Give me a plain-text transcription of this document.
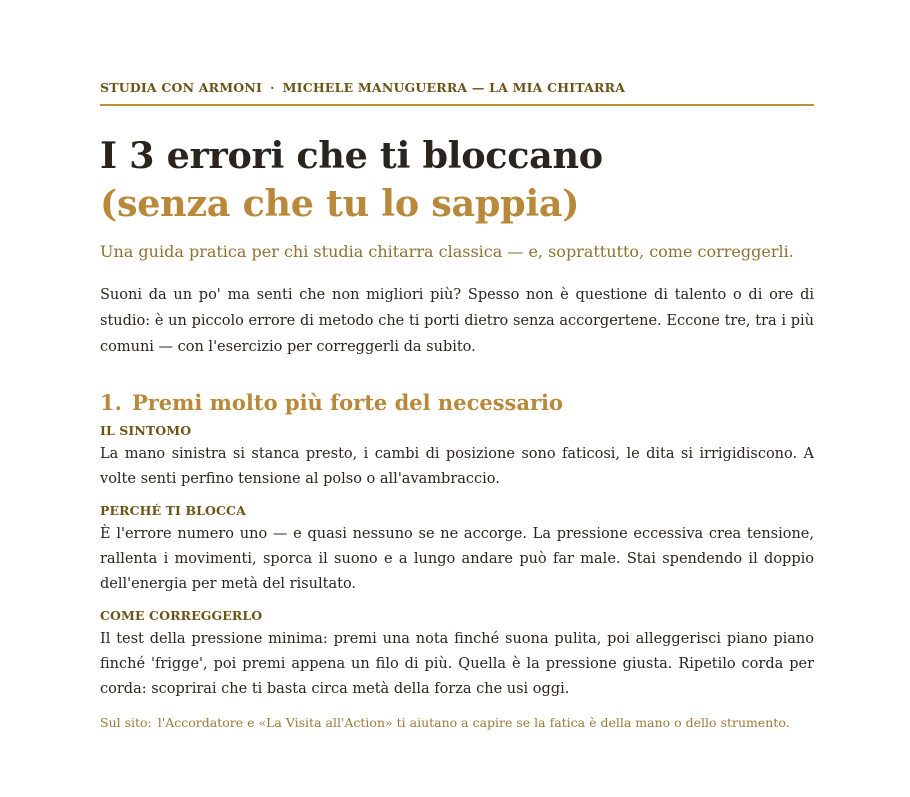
STUDIA CON ARMONI · MICHELE MANUGUERRA — LA MIA CHITARRA
I 3 errori che ti bloccano
(senza che tu lo sappia)

Una guida pratica per chi studia chitarra classica — e, soprattutto, come correggerli.

Suoni da un po' ma senti che non migliori più? Spesso non è questione di talento o di ore di studio: è un piccolo errore di metodo che ti porti dietro senza accorgertene. Eccone tre, tra i più comuni — con l'esercizio per correggerli da subito.

1. Premi molto più forte del necessario
IL SINTOMO

La mano sinistra si stanca presto, i cambi di posizione sono faticosi, le dita si irrigidiscono. A volte senti perfino tensione al polso o all'avambraccio.

PERCHÉ TI BLOCCA

È l'errore numero uno — e quasi nessuno se ne accorge. La pressione eccessiva crea tensione, rallenta i movimenti, sporca il suono e a lungo andare può far male. Stai spendendo il doppio dell'energia per metà del risultato.

COME CORREGGERLO

Il test della pressione minima: premi una nota finché suona pulita, poi alleggerisci piano piano finché 'frigge', poi premi appena un filo di più. Quella è la pressione giusta. Ripetilo corda per corda: scoprirai che ti basta circa metà della forza che usi oggi.

Sul sito: l'Accordatore e «La Visita all'Action» ti aiutano a capire se la fatica è della mano o dello strumento.
